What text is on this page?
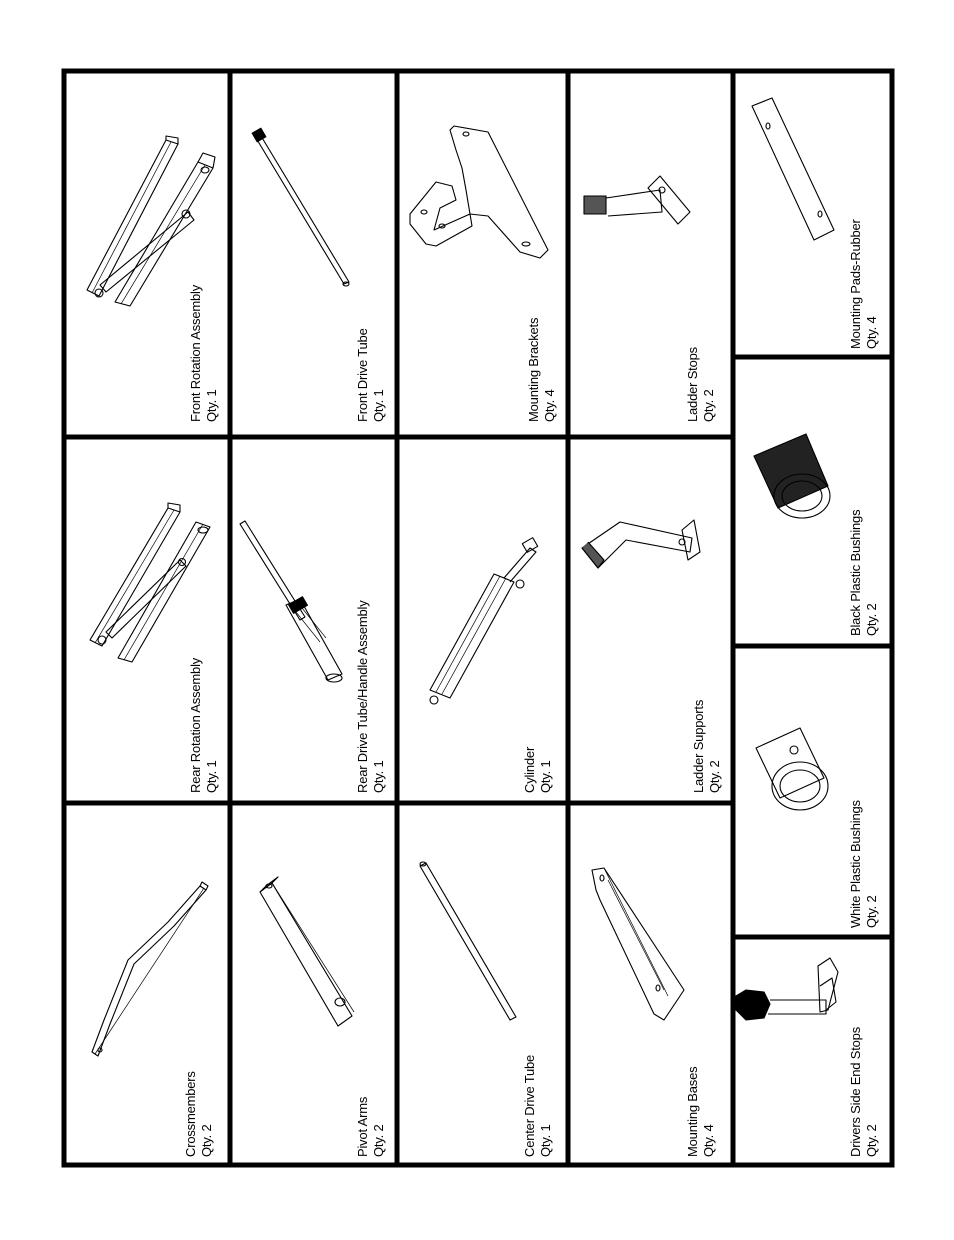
Front Rotation Assembly Qty. 1
Rear Rotation Assembly Qty. 1
Crossmembers Qty. 2
Front Drive Tube Qty. 1
Rear Drive Tube/Handle Assembly Qty. 1
Pivot Arms Qty. 2
Mounting Brackets Qty. 4
Cylinder Qty. 1
Center Drive Tube Qty. 1
Ladder Stops Qty. 2
Ladder Supports Qty. 2
Mounting Bases Qty. 4
Mounting Pads-Rubber Qty. 4
Black Plastic Bushings Qty. 2
White Plastic Bushings Qty. 2
Drivers Side End Stops Qty. 2
